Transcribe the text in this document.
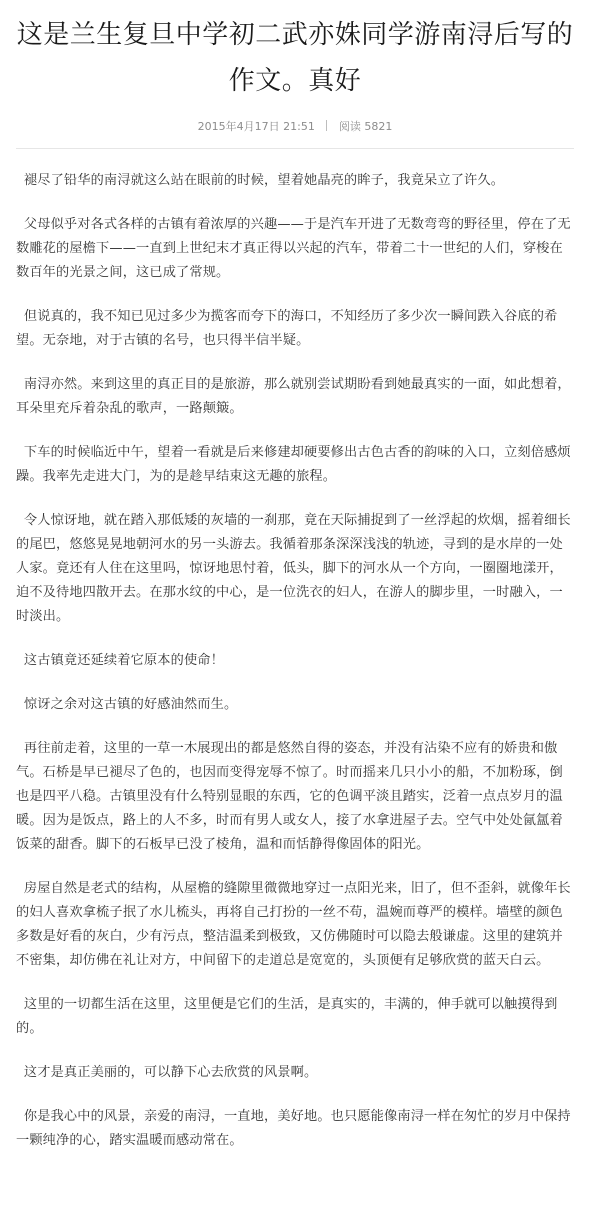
这是兰生复旦中学初二武亦姝同学游南浔后写的作文。真好
2015年4月17日 21:51 阅读 5821

褪尽了铅华的南浔就这么站在眼前的时候，望着她晶亮的眸子，我竟呆立了许久。

父母似乎对各式各样的古镇有着浓厚的兴趣——于是汽车开进了无数弯弯的野径里，停在了无数雕花的屋檐下——一直到上世纪末才真正得以兴起的汽车，带着二十一世纪的人们，穿梭在数百年的光景之间，这已成了常规。

但说真的，我不知已见过多少为揽客而夸下的海口，不知经历了多少次一瞬间跌入谷底的希望。无奈地，对于古镇的名号，也只得半信半疑。

南浔亦然。来到这里的真正目的是旅游，那么就别尝试期盼看到她最真实的一面，如此想着，耳朵里充斥着杂乱的歌声，一路颠簸。

下车的时候临近中午，望着一看就是后来修建却硬要修出古色古香的韵味的入口，立刻倍感烦躁。我率先走进大门，为的是趁早结束这无趣的旅程。

令人惊讶地，就在踏入那低矮的灰墙的一刹那，竟在天际捕捉到了一丝浮起的炊烟，摇着细长的尾巴，悠悠晃晃地朝河水的另一头游去。我循着那条深深浅浅的轨迹，寻到的是水岸的一处人家。竟还有人住在这里吗，惊讶地思忖着，低头，脚下的河水从一个方向，一圈圈地漾开，迫不及待地四散开去。在那水纹的中心，是一位洗衣的妇人，在游人的脚步里，一时融入，一时淡出。

这古镇竟还延续着它原本的使命！

惊讶之余对这古镇的好感油然而生。

再往前走着，这里的一草一木展现出的都是悠然自得的姿态，并没有沾染不应有的娇贵和傲气。石桥是早已褪尽了色的，也因而变得宠辱不惊了。时而摇来几只小小的船，不加粉琢，倒也是四平八稳。古镇里没有什么特别显眼的东西，它的色调平淡且踏实，泛着一点点岁月的温暖。因为是饭点，路上的人不多，时而有男人或女人，接了水拿进屋子去。空气中处处氤氲着饭菜的甜香。脚下的石板早已没了棱角，温和而恬静得像固体的阳光。

房屋自然是老式的结构，从屋檐的缝隙里微微地穿过一点阳光来，旧了，但不歪斜，就像年长的妇人喜欢拿梳子抿了水儿梳头，再将自己打扮的一丝不苟，温婉而尊严的模样。墙壁的颜色多数是好看的灰白，少有污点，整洁温柔到极致，又仿佛随时可以隐去般谦虚。这里的建筑并不密集，却仿佛在礼让对方，中间留下的走道总是宽宽的，头顶便有足够欣赏的蓝天白云。

这里的一切都生活在这里，这里便是它们的生活，是真实的，丰满的，伸手就可以触摸得到的。

这才是真正美丽的，可以静下心去欣赏的风景啊。

你是我心中的风景，亲爱的南浔，一直地，美好地。也只愿能像南浔一样在匆忙的岁月中保持一颗纯净的心，踏实温暖而感动常在。
